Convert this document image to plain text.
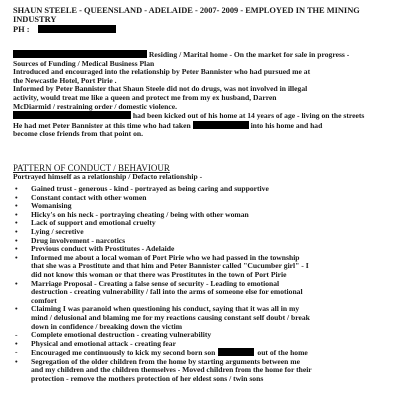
SHAUN STEELE - QUEENSLAND - ADELAIDE - 2007- 2009 - EMPLOYED IN THE MINING
INDUSTRY
PH :
Residing / Marital home - On the market for sale in progress -
Sources of Funding / Medical Business Plan
Introduced and encouraged into the relationship by Peter Bannister who had pursued me at
the Newcastle Hotel, Port Pirie .
Informed by Peter Bannister that Shaun Steele did not do drugs, was not involved in illegal
activity, would treat me like a queen and protect me from my ex husband, Darren
McDiarmid / restraining order / domestic violence.
had been kicked out of his home at 14 years of age - living on the streets
He had met Peter Bannister at this time who had taken	into his home and had
become close friends from that point on.
PATTERN OF CONDUCT / BEHAVIOUR
Portrayed himself as a relationship / Defacto relationship -
• Gained trust - generous - kind - portrayed as being caring and supportive
• Constant contact with other women
• Womanising
• Hicky's on his neck - portraying cheating / being with other woman
• Lack of support and emotional cruelty
• Lying / secretive
• Drug involvement - narcotics
• Previous conduct with Prostitutes - Adelaide
• Informed me about a local woman of Port Pirie who we had passed in the township
that she was a Prostitute and that him and Peter Bannister called "Cucumber girl" - I
did not know this woman or that there was Prostitutes in the town of Port Pirie
• Marriage Proposal - Creating a false sense of security - Leading to emotional
destruction - creating vulnerability / fall into the arms of someone else for emotional
comfort
• Claiming I was paranoid when questioning his conduct, saying that it was all in my
mind / delusional and blaming me for my reactions causing constant self doubt / break
down in confidence / breaking down the victim
- Complete emotional destruction - creating vulnerability
• Physical and emotional attack - creating fear
- Encouraged me continuously to kick my second born son	out of the home
• Segregation of the older children from the home by starting arguments between me
and my children and the children themselves - Moved children from the home for their
protection - remove the mothers protection of her eldest sons / twin sons
